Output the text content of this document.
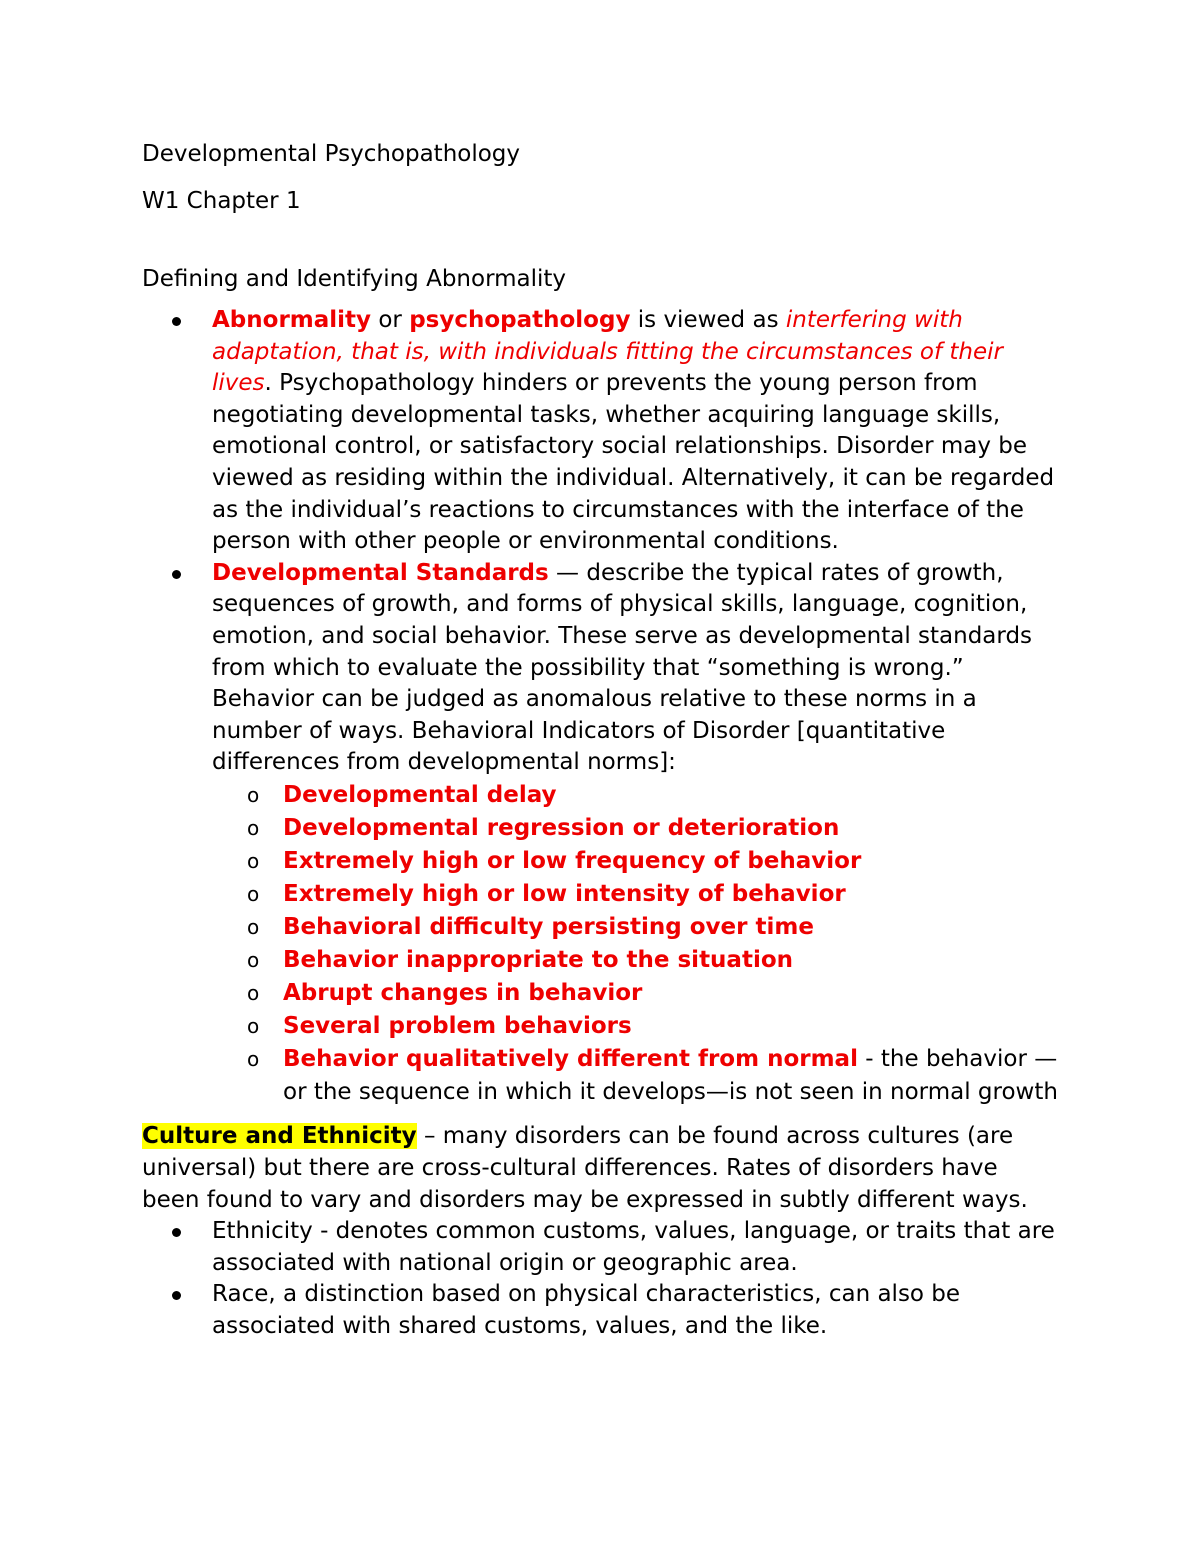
Developmental Psychopathology

W1 Chapter 1

Defining and Identifying Abnormality

Abnormality or psychopathology is viewed as interfering with adaptation, that is, with individuals fitting the circumstances of their lives. Psychopathology hinders or prevents the young person from negotiating developmental tasks, whether acquiring language skills, emotional control, or satisfactory social relationships. Disorder may be viewed as residing within the individual. Alternatively, it can be regarded as the individual’s reactions to circumstances with the interface of the person with other people or environmental conditions.
Developmental Standards — describe the typical rates of growth, sequences of growth, and forms of physical skills, language, cognition, emotion, and social behavior. These serve as developmental standards from which to evaluate the possibility that “something is wrong.” Behavior can be judged as anomalous relative to these norms in a number of ways. Behavioral Indicators of Disorder [quantitative differences from developmental norms]:
o Developmental delay
o Developmental regression or deterioration
o Extremely high or low frequency of behavior
o Extremely high or low intensity of behavior
o Behavioral difficulty persisting over time
o Behavior inappropriate to the situation
o Abrupt changes in behavior
o Several problem behaviors
o Behavior qualitatively different from normal - the behavior —or the sequence in which it develops—is not seen in normal growth

Culture and Ethnicity – many disorders can be found across cultures (are universal) but there are cross-cultural differences. Rates of disorders have been found to vary and disorders may be expressed in subtly different ways.

Ethnicity - denotes common customs, values, language, or traits that are associated with national origin or geographic area.
Race, a distinction based on physical characteristics, can also be associated with shared customs, values, and the like.
